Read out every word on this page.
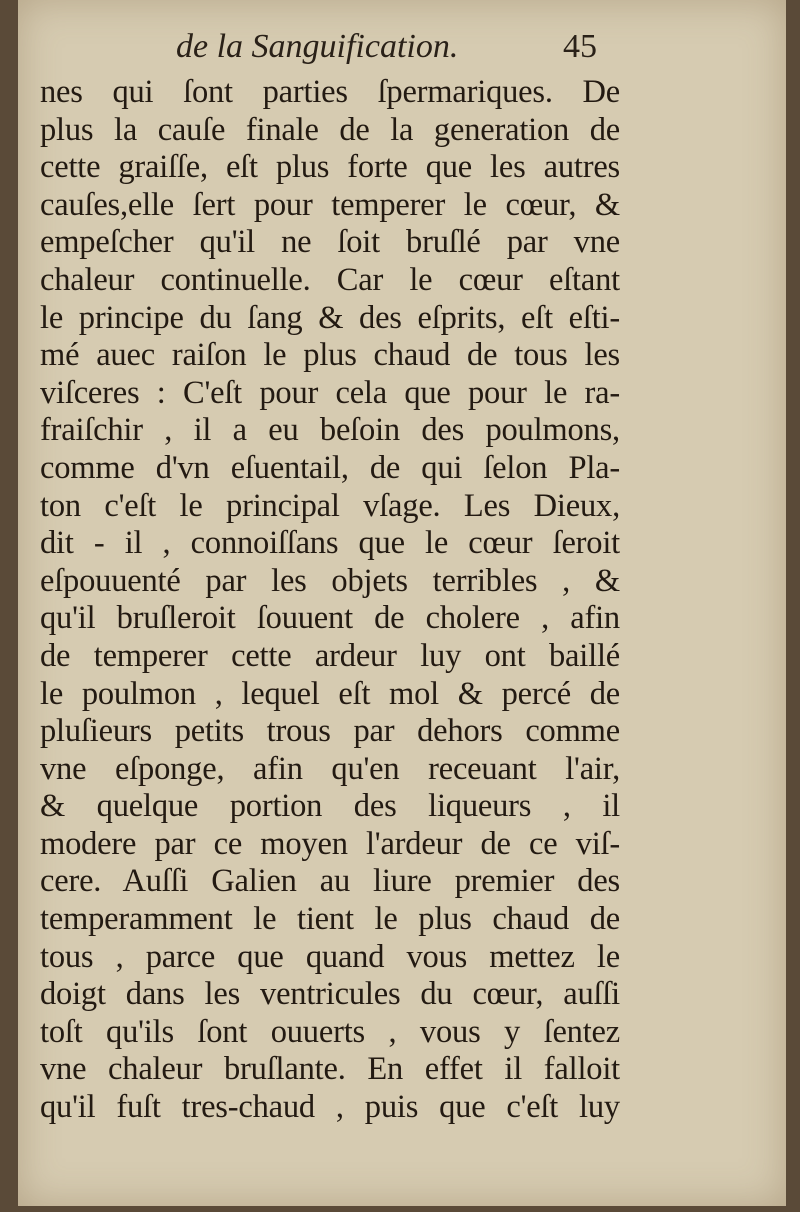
de la Sanguification.	45
nes qui ſont parties ſpermariques. De
plus la cauſe finale de la generation de
cette graiſſe, eſt plus forte que les autres
cauſes,elle ſert pour temperer le cœur, &
empeſcher qu'il ne ſoit bruſlé par vne
chaleur continuelle. Car le cœur eſtant
le principe du ſang & des eſprits, eſt eſti-
mé auec raiſon le plus chaud de tous les
viſceres : C'eſt pour cela que pour le ra-
fraiſchir , il a eu beſoin des poulmons,
comme d'vn eſuentail, de qui ſelon Pla-
ton c'eſt le principal vſage. Les Dieux,
dit - il , connoiſſans que le cœur ſeroit
eſpouuenté par les objets terribles , &
qu'il bruſleroit ſouuent de cholere , afin
de temperer cette ardeur luy ont baillé
le poulmon , lequel eſt mol & percé de
pluſieurs petits trous par dehors comme
vne eſponge, afin qu'en receuant l'air,
& quelque portion des liqueurs , il
modere par ce moyen l'ardeur de ce viſ-
cere. Auſſi Galien au liure premier des
temperamment le tient le plus chaud de
tous , parce que quand vous mettez le
doigt dans les ventricules du cœur, auſſi
toſt qu'ils ſont ouuerts , vous y ſentez
vne chaleur bruſlante. En effet il falloit
qu'il fuſt tres-chaud , puis que c'eſt luy
